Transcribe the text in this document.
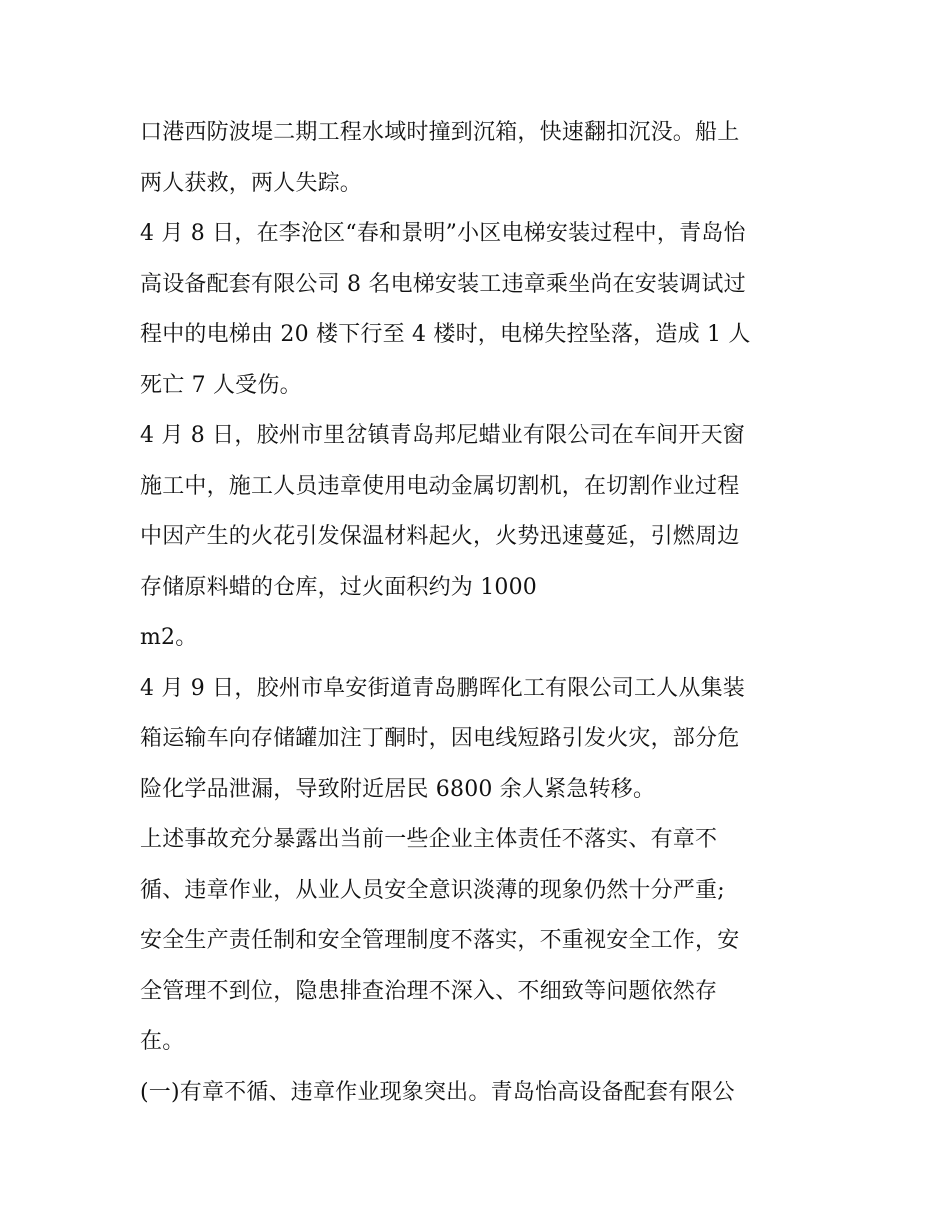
口港西防波堤二期工程水域时撞到沉箱，快速翻扣沉没。船上
两人获救，两人失踪。
4 月 8 日，在李沧区“春和景明”小区电梯安装过程中，青岛怡
高设备配套有限公司 8 名电梯安装工违章乘坐尚在安装调试过
程中的电梯由 20 楼下行至 4 楼时，电梯失控坠落，造成 1 人
死亡 7 人受伤。
4 月 8 日，胶州市里岔镇青岛邦尼蜡业有限公司在车间开天窗
施工中，施工人员违章使用电动金属切割机，在切割作业过程
中因产生的火花引发保温材料起火，火势迅速蔓延，引燃周边
存储原料蜡的仓库，过火面积约为 1000
m2。
4 月 9 日，胶州市阜安街道青岛鹏晖化工有限公司工人从集装
箱运输车向存储罐加注丁酮时，因电线短路引发火灾，部分危
险化学品泄漏，导致附近居民 6800 余人紧急转移。
上述事故充分暴露出当前一些企业主体责任不落实、有章不
循、违章作业，从业人员安全意识淡薄的现象仍然十分严重;
安全生产责任制和安全管理制度不落实，不重视安全工作，安
全管理不到位，隐患排查治理不深入、不细致等问题依然存
在。
(一)有章不循、违章作业现象突出。青岛怡高设备配套有限公
